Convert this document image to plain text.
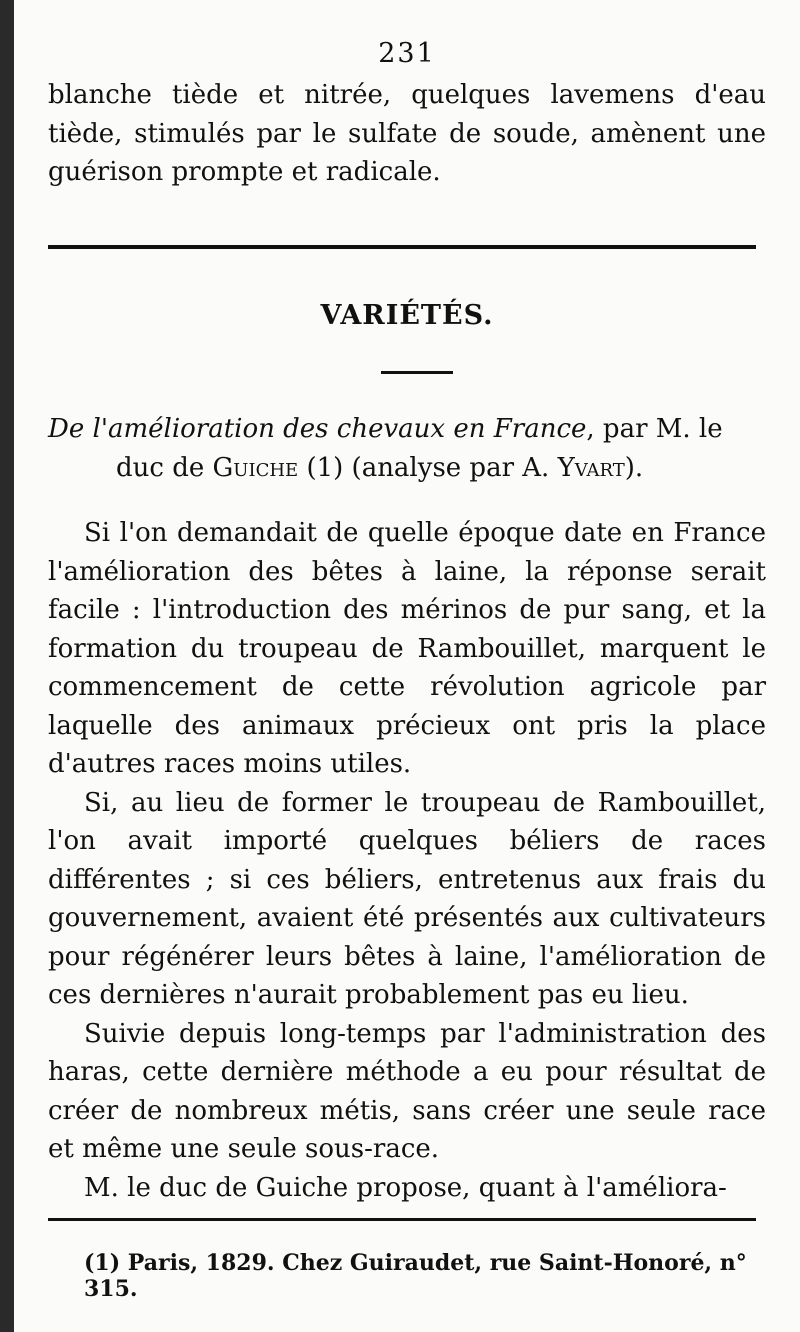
231

blanche tiède et nitrée, quelques lavemens d'eau tiède, stimulés par le sulfate de soude, amènent une guérison prompte et radicale.

VARIÉTÉS.
De l'amélioration des chevaux en France, par M. le
duc de Guiche (1) (analyse par A. Yvart).

Si l'on demandait de quelle époque date en France l'amélioration des bêtes à laine, la réponse serait facile : l'introduction des mérinos de pur sang, et la formation du troupeau de Rambouillet, marquent le commencement de cette révolution agricole par laquelle des animaux précieux ont pris la place d'autres races moins utiles.

Si, au lieu de former le troupeau de Rambouillet, l'on avait importé quelques béliers de races différentes ; si ces béliers, entretenus aux frais du gouvernement, avaient été présentés aux cultivateurs pour régénérer leurs bêtes à laine, l'amélioration de ces dernières n'aurait probablement pas eu lieu.

Suivie depuis long-temps par l'administration des haras, cette dernière méthode a eu pour résultat de créer de nombreux métis, sans créer une seule race et même une seule sous-race.

M. le duc de Guiche propose, quant à l'améliora-

(1) Paris, 1829. Chez Guiraudet, rue Saint-Honoré, n° 315.
